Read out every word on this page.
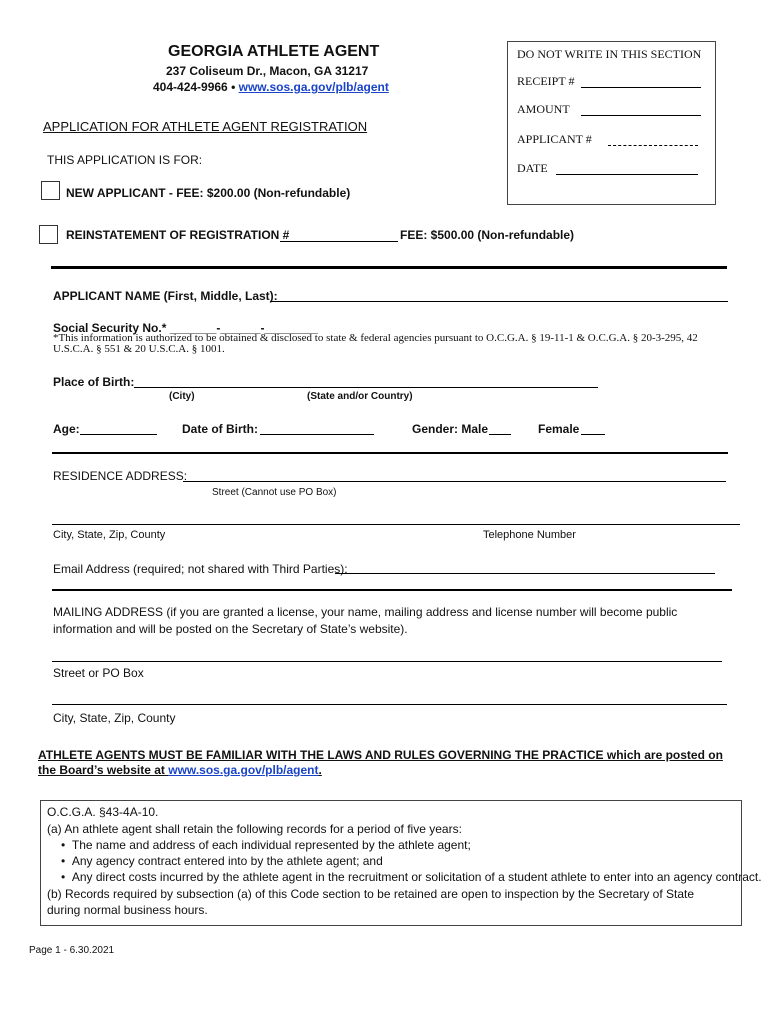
GEORGIA ATHLETE AGENT
237 Coliseum Dr., Macon, GA 31217
404-424-9966 • www.sos.ga.gov/plb/agent
DO NOT WRITE IN THIS SECTION
RECEIPT #
AMOUNT
APPLICANT #
DATE
APPLICATION FOR ATHLETE AGENT REGISTRATION
THIS APPLICATION IS FOR:
NEW APPLICANT - FEE: $200.00 (Non-refundable)
REINSTATEMENT OF REGISTRATION #	FEE: $500.00 (Non-refundable)
APPLICANT NAME (First, Middle, Last):
Social Security No.* _______-______-________
*This information is authorized to be obtained & disclosed to state & federal agencies pursuant to O.C.G.A. § 19-11-1 & O.C.G.A. § 20-3-295, 42 U.S.C.A. § 551 & 20 U.S.C.A. § 1001.
Place of Birth:
(City)	(State and/or Country)
Age:	Date of Birth:	Gender: Male	Female
RESIDENCE ADDRESS:
Street (Cannot use PO Box)
City, State, Zip, County	Telephone Number
Email Address (required; not shared with Third Parties):
MAILING ADDRESS (if you are granted a license, your name, mailing address and license number will become public information and will be posted on the Secretary of State’s website).
Street or PO Box
City, State, Zip, County
ATHLETE AGENTS MUST BE FAMILIAR WITH THE LAWS AND RULES GOVERNING THE PRACTICE which are posted on the Board’s website at www.sos.ga.gov/plb/agent.
O.C.G.A. §43-4A-10.
(a) An athlete agent shall retain the following records for a period of five years:
•  The name and address of each individual represented by the athlete agent;
•  Any agency contract entered into by the athlete agent; and
•  Any direct costs incurred by the athlete agent in the recruitment or solicitation of a student athlete to enter into an agency contract.
(b) Records required by subsection (a) of this Code section to be retained are open to inspection by the Secretary of State during normal business hours.
Page 1 - 6.30.2021
